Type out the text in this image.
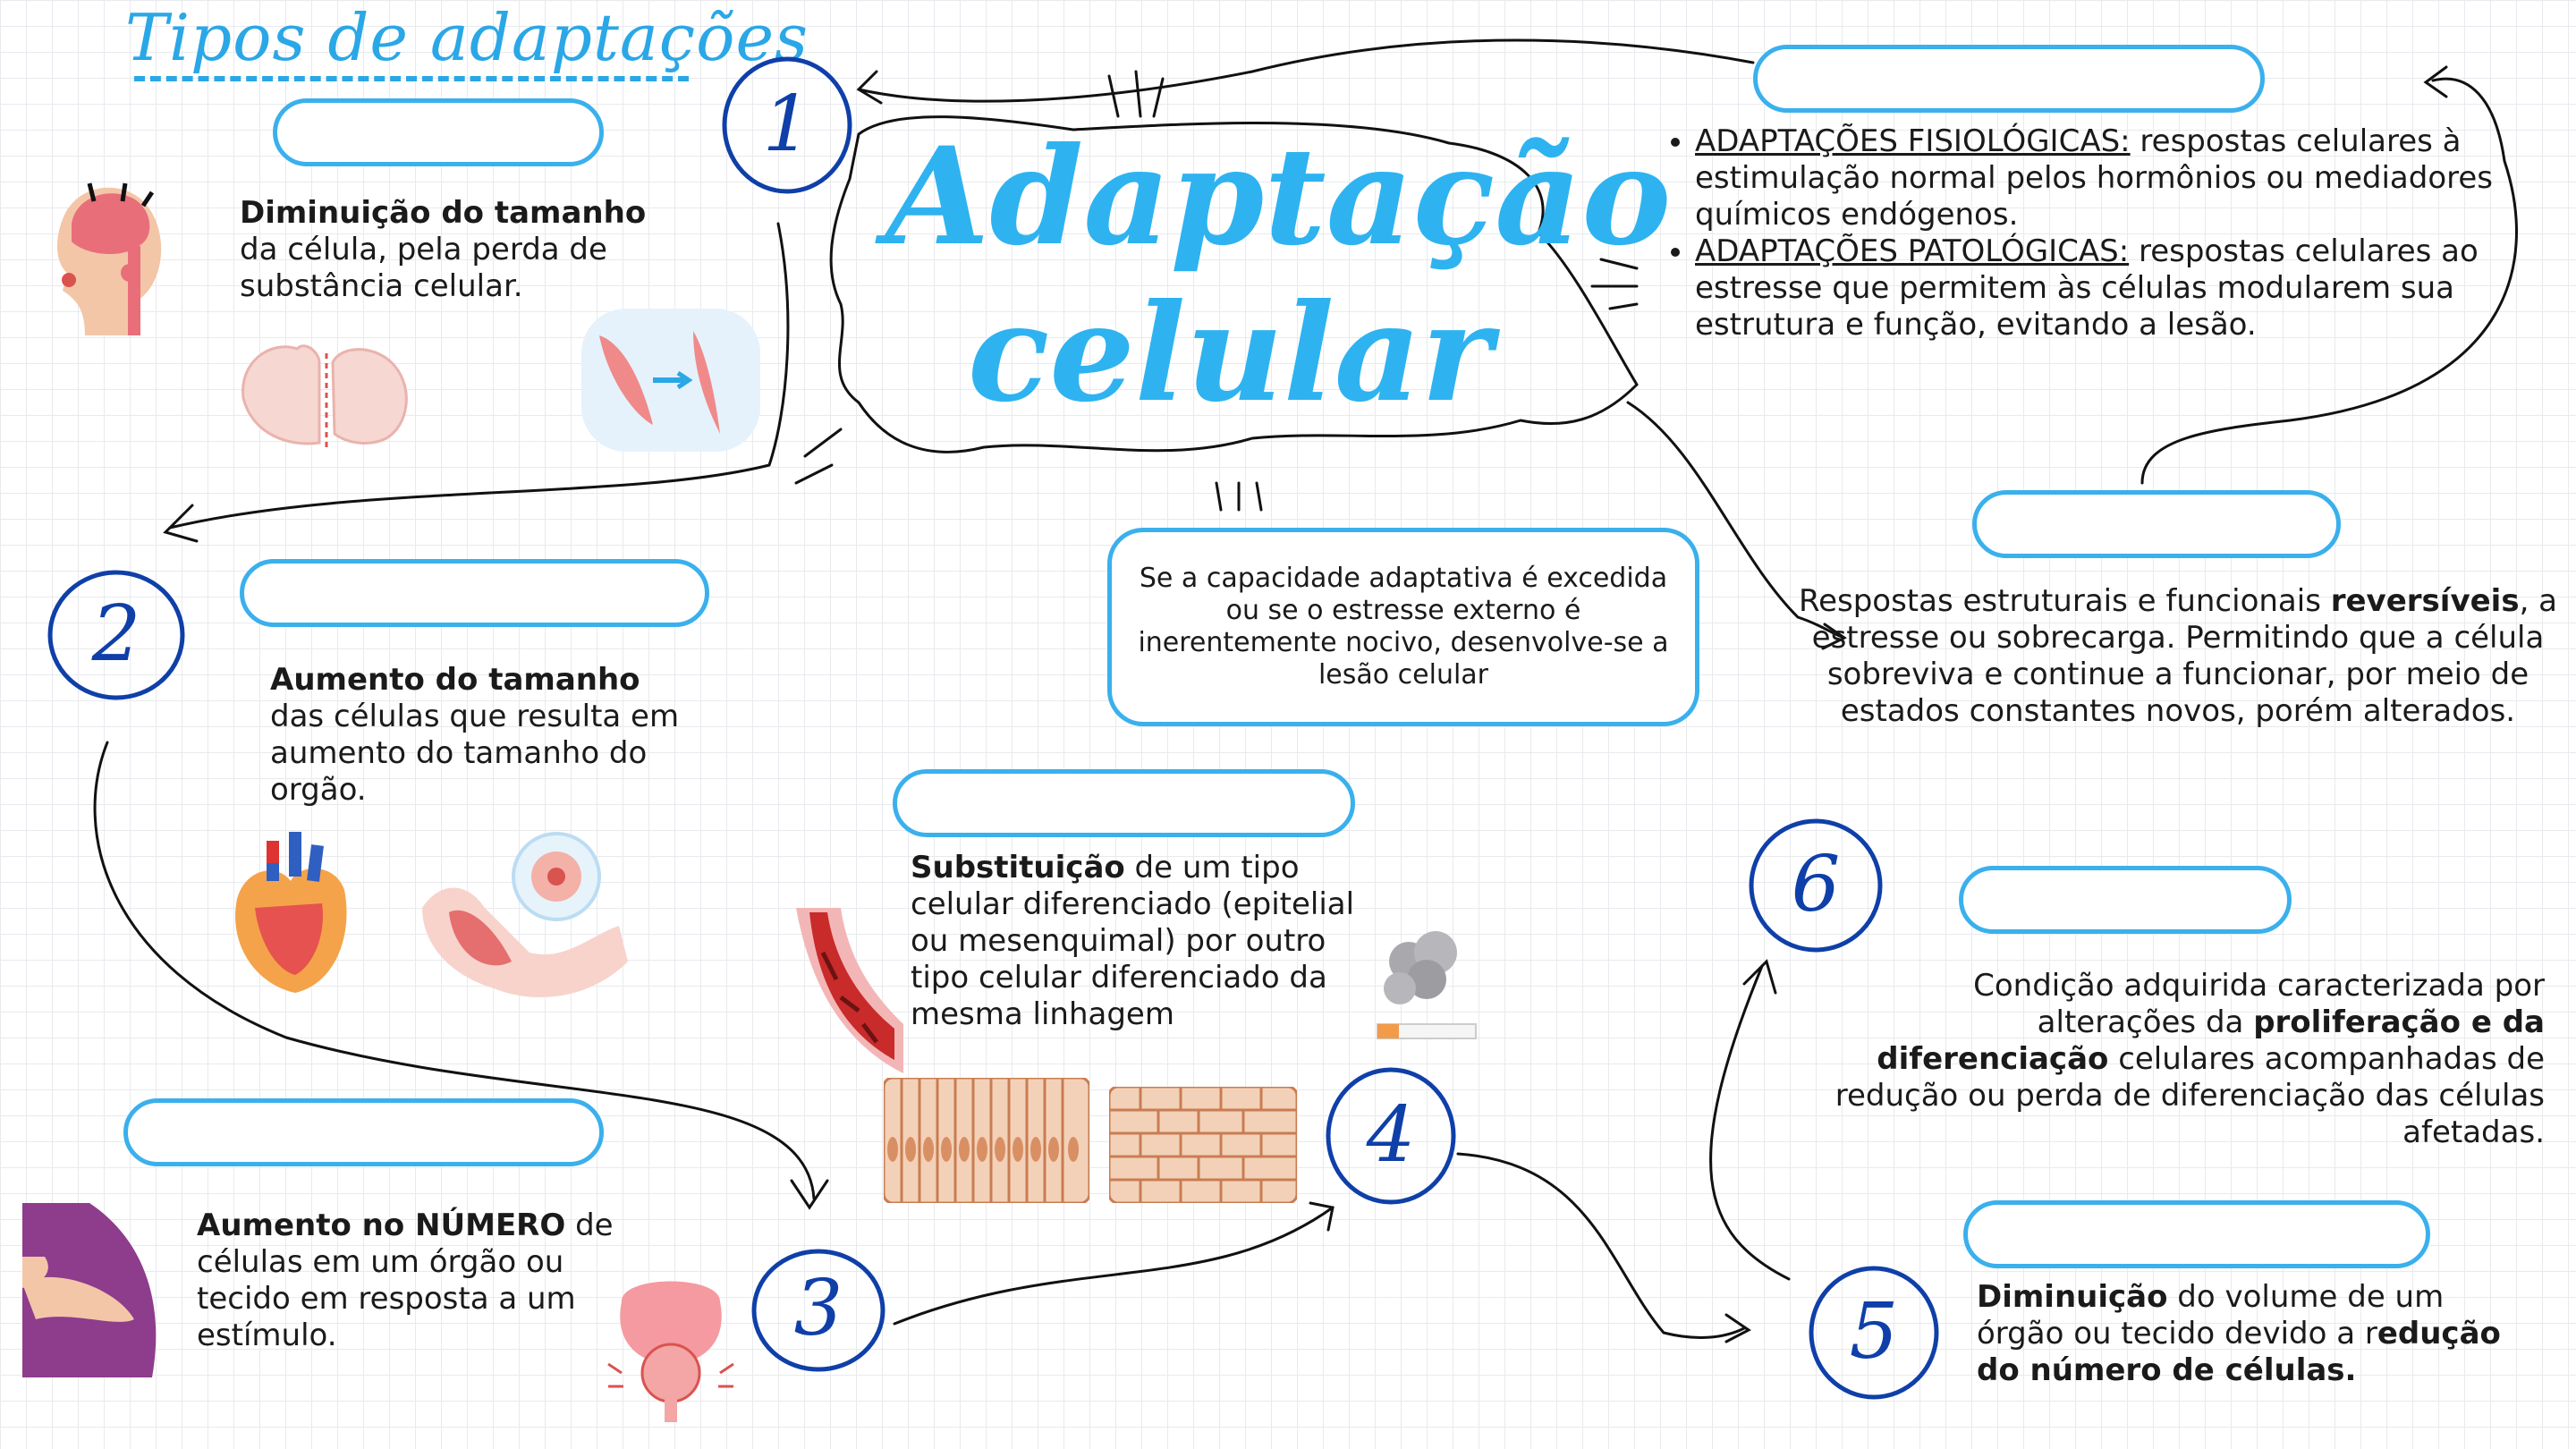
Tipos de adaptações
Adaptação
celular
1
2
3
4
5
6
• ADAPTAÇÕES FISIOLÓGICAS: respostas celulares à estimulação normal pelos hormônios ou mediadores químicos endógenos.
• ADAPTAÇÕES PATOLÓGICAS: respostas celulares ao estresse que permitem às células modularem sua estrutura e função, evitando a lesão.
Respostas estruturais e funcionais reversíveis, a estresse ou sobrecarga. Permitindo que a célula sobreviva e continue a funcionar, por meio de estados constantes novos, porém alterados.
Se a capacidade adaptativa é excedida ou se o estresse externo é inerentemente nocivo, desenvolve-se a lesão celular
Diminuição do tamanho da célula, pela perda de substância celular.
Aumento do tamanho das células que resulta em aumento do tamanho do orgão.
Aumento no NÚMERO de células em um órgão ou tecido em resposta a um estímulo.
Substituição de um tipo celular diferenciado (epitelial ou mesenquimal) por outro tipo celular diferenciado da mesma linhagem
Diminuição do volume de um órgão ou tecido devido a redução do número de células.
Condição adquirida caracterizada por alterações da proliferação e da diferenciação celulares acompanhadas de redução ou perda de diferenciação das células afetadas.
